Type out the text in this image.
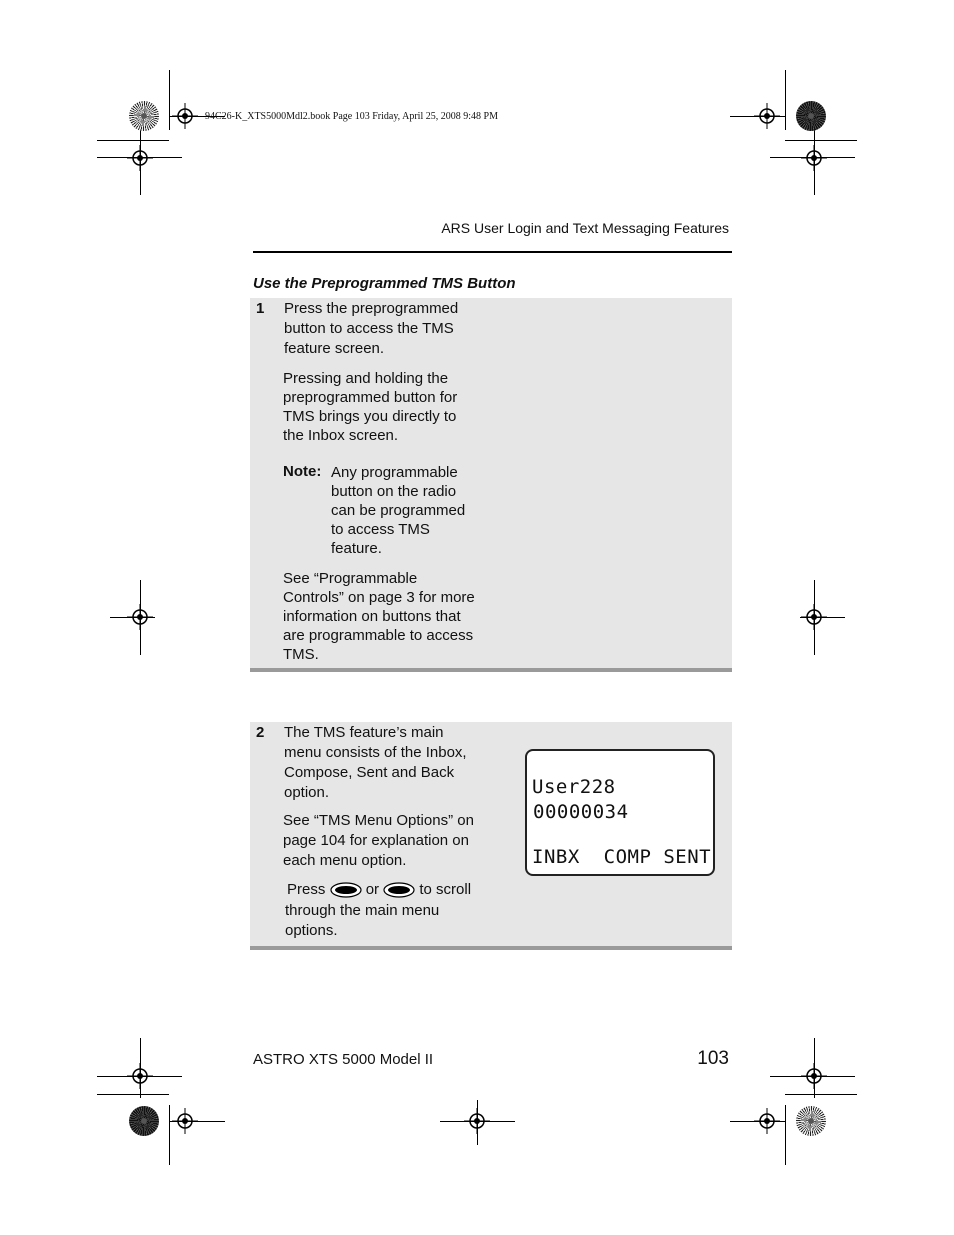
94C26-K_XTS5000Mdl2.book Page 103 Friday, April 25, 2008 9:48 PM
ARS User Login and Text Messaging Features
Use the Preprogrammed TMS Button
1 Press the preprogrammed
button to access the TMS
feature screen.
Pressing and holding the
preprogrammed button for
TMS brings you directly to
the Inbox screen.
Note: Any programmable
button on the radio
can be programmed
to access TMS
feature.
See “Programmable
Controls” on page 3 for more
information on buttons that
are programmable to access
TMS.
2 The TMS feature’s main
menu consists of the Inbox,
Compose, Sent and Back
option.
See “TMS Menu Options” on
page 104 for explanation on
each menu option.
Press	or	to scroll
through the main menu
options.
User228
00000034
INBX  COMP SENT
ASTRO XTS 5000 Model II	103
